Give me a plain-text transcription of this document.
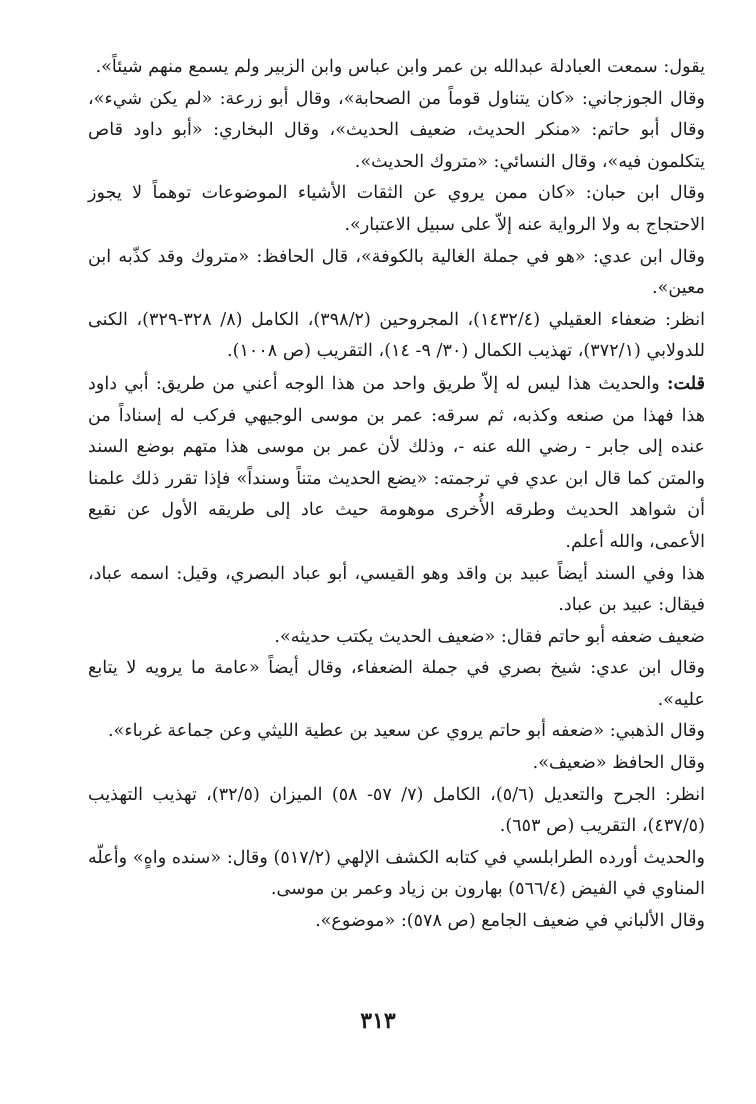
يقول: سمعت العبادلة عبدالله بن عمر وابن عباس وابن الزبير ولم يسمع منهم شيئاً».

وقال الجوزجاني: «كان يتناول قوماً من الصحابة»، وقال أبو زرعة: «لم يكن شيء»، وقال أبو حاتم: «منكر الحديث، ضعيف الحديث»، وقال البخاري: «أبو داود قاص يتكلمون فيه»، وقال النسائي: «متروك الحديث».

وقال ابن حبان: «كان ممن يروي عن الثقات الأشياء الموضوعات توهماً لا يجوز الاحتجاج به ولا الرواية عنه إلاّ على سبيل الاعتبار».

وقال ابن عدي: «هو في جملة الغالية بالكوفة»، قال الحافظ: «متروك وقد كذّبه ابن معين».

انظر: ضعفاء العقيلي (١٤٣٢/٤)، المجروحين (٣٩٨/٢)، الكامل (٨/ ٣٢٨-٣٢٩)، الكنى للدولابي (٣٧٢/١)، تهذيب الكمال (٣٠/ ٩- ١٤)، التقريب (ص ١٠٠٨).

قلت: والحديث هذا ليس له إلاّ طريق واحد من هذا الوجه أعني من طريق: أبي داود هذا فهذا من صنعه وكذبه، ثم سرقه: عمر بن موسى الوجيهي فركب له إسناداً من عنده إلى جابر - رضي الله عنه -، وذلك لأن عمر بن موسى هذا متهم بوضع السند والمتن كما قال ابن عدي في ترجمته: «يضع الحديث متناً وسنداً» فإذا تقرر ذلك علمنا أن شواهد الحديث وطرقه الأُخرى موهومة حيث عاد إلى طريقه الأول عن نقيع الأعمى، والله أعلم.

هذا وفي السند أيضاً عبيد بن واقد وهو القيسي، أبو عباد البصري، وقيل: اسمه عباد، فيقال: عبيد بن عباد.

ضعيف ضعفه أبو حاتم فقال: «ضعيف الحديث يكتب حديثه».

وقال ابن عدي: شيخ بصري في جملة الضعفاء، وقال أيضاً «عامة ما يرويه لا يتابع عليه».

وقال الذهبي: «ضعفه أبو حاتم يروي عن سعيد بن عطية الليثي وعن جماعة غرباء».

وقال الحافظ «ضعيف».

انظر: الجرح والتعديل (٥/٦)، الكامل (٧/ ٥٧- ٥٨) الميزان (٣٢/٥)، تهذيب التهذيب (٤٣٧/٥)، التقريب (ص ٦٥٣).

والحديث أورده الطرابلسي في كتابه الكشف الإلهي (٥١٧/٢) وقال: «سنده واهٍ» وأعلّه المناوي في الفيض (٥٦٦/٤) بهارون بن زياد وعمر بن موسى.

وقال الألباني في ضعيف الجامع (ص ٥٧٨): «موضوع».

٣١٣
